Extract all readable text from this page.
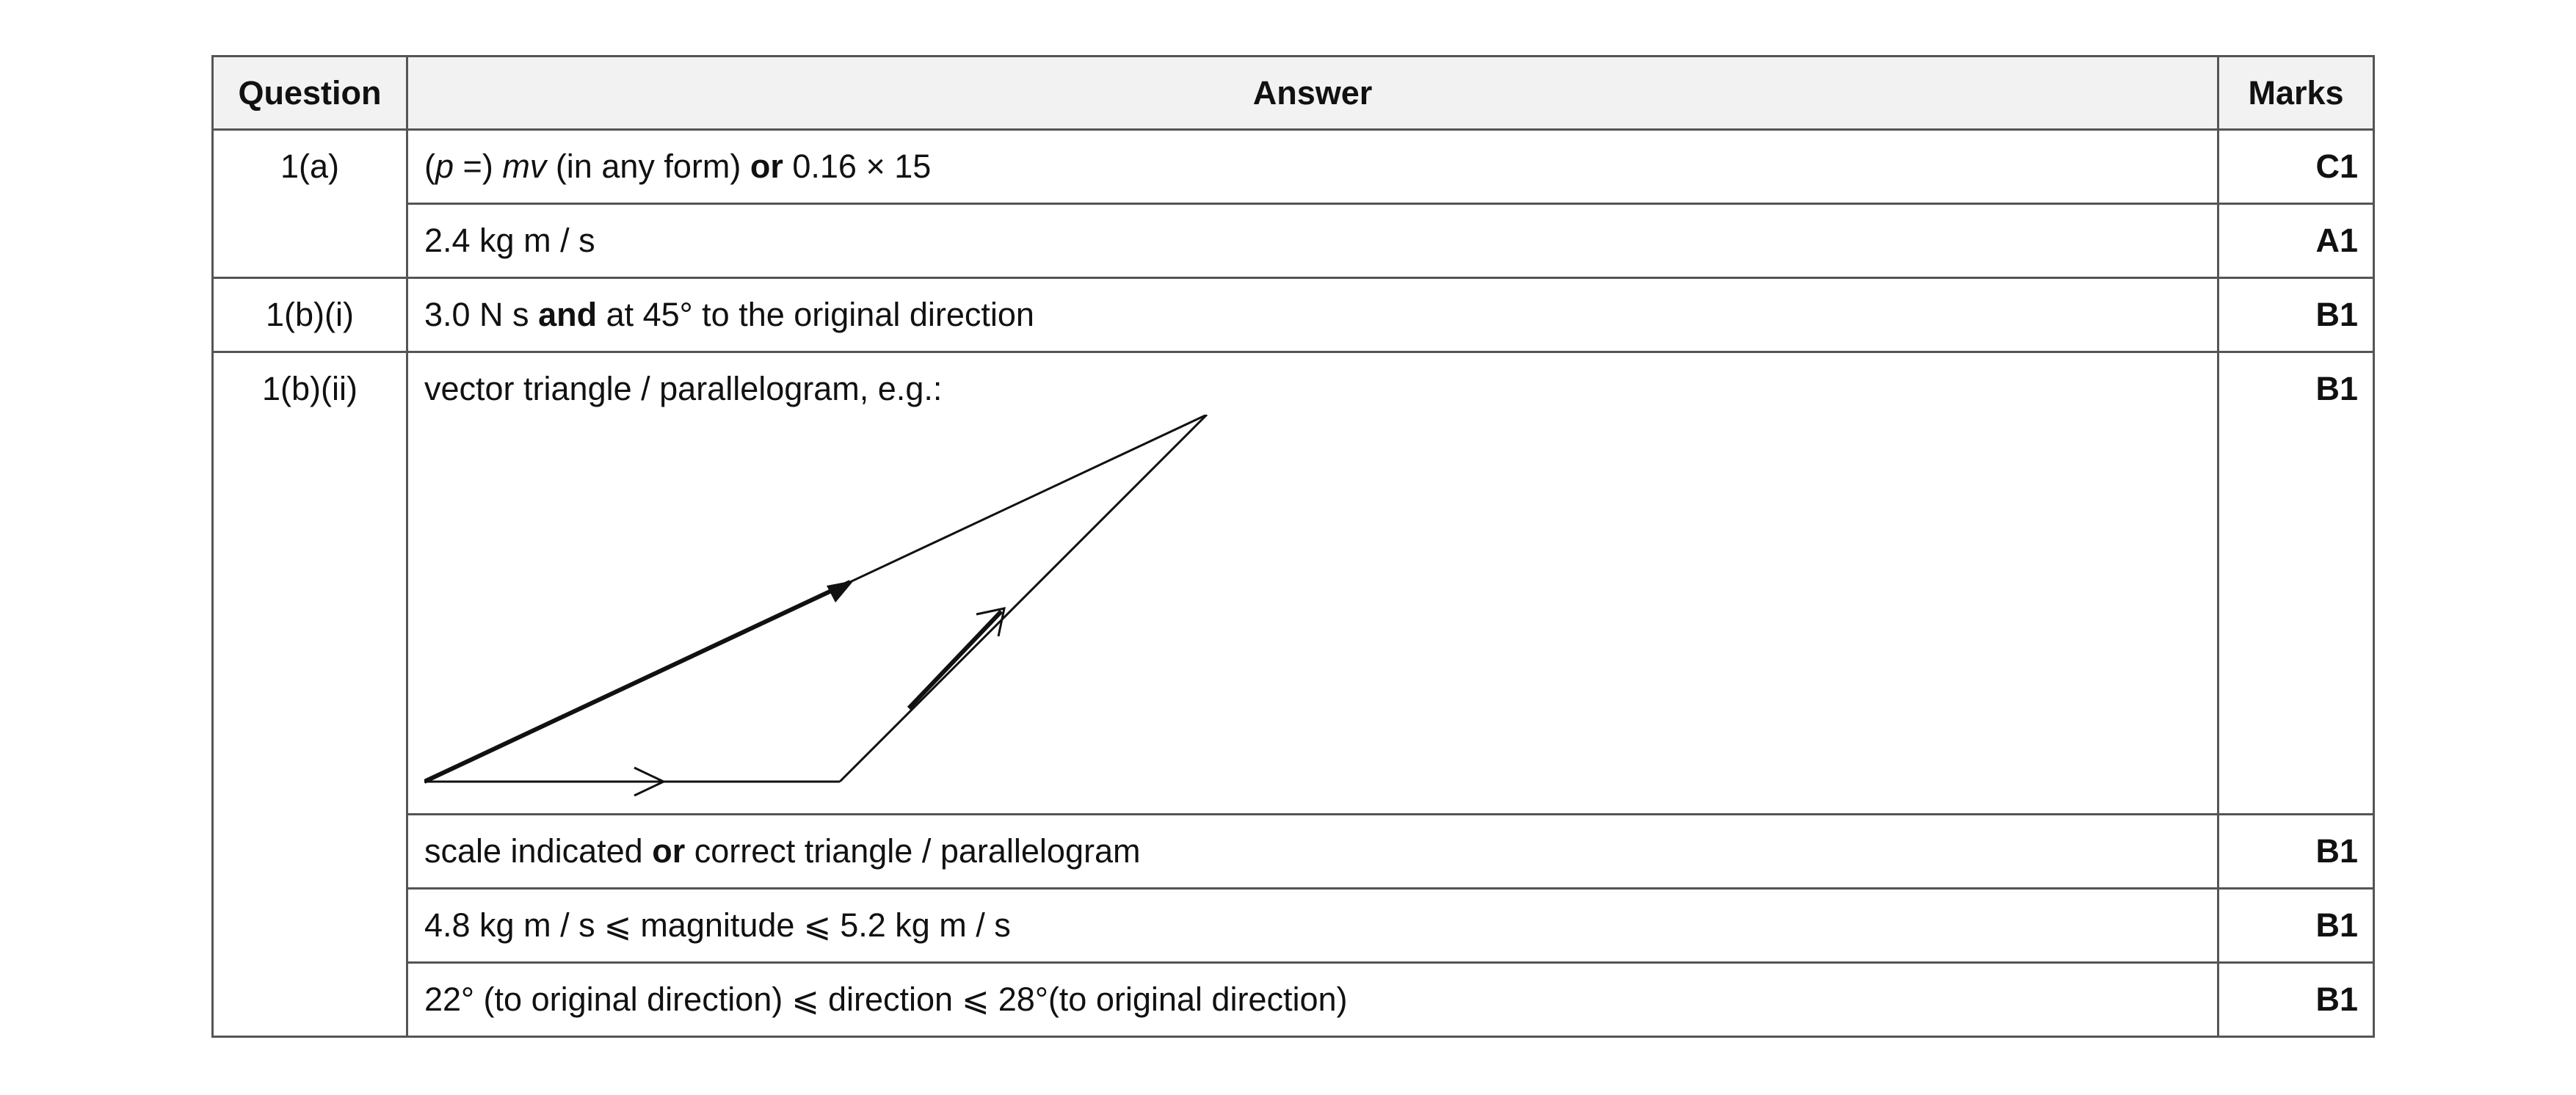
Question	Answer	Marks
1(a)	(p =) mv (in any form) or 0.16 × 15	C1
	2.4 kg m / s	A1
1(b)(i)	3.0 N s and at 45° to the original direction	B1
1(b)(ii)	vector triangle / parallelogram, e.g.:	B1
	scale indicated or correct triangle / parallelogram	B1
	4.8 kg m / s ⩽ magnitude ⩽ 5.2 kg m / s	B1
	22° (to original direction) ⩽ direction ⩽ 28°(to original direction)	B1
